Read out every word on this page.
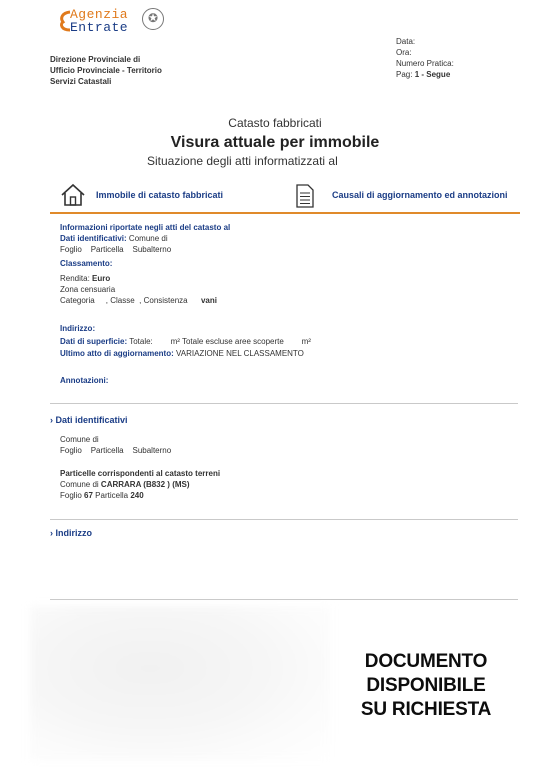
Agenzia
Entrate
✪
Direzione Provinciale di
Ufficio Provinciale - Territorio
Servizi Catastali
Data:
Ora:
Numero Pratica:
Pag: 1 - Segue
Catasto fabbricati
Visura attuale per immobile
Situazione degli atti informatizzati al
Immobile di catasto fabbricati	Causali di aggiornamento ed annotazioni
Informazioni riportate negli atti del catasto al
Dati identificativi: Comune di
Foglio Particella Subalterno
Classamento:
Rendita: Euro
Zona censuaria
Categoria     , Classe  , Consistenza vani
Indirizzo:
Dati di superficie: Totale: m² Totale escluse aree scoperte m²
Ultimo atto di aggiornamento: VARIAZIONE NEL CLASSAMENTO
Annotazioni:
› Dati identificativi
Comune di
Foglio Particella Subalterno
Particelle corrispondenti al catasto terreni
Comune di CARRARA (B832 ) (MS)
Foglio 67 Particella 240
› Indirizzo
DOCUMENTO
DISPONIBILE
SU RICHIESTA
